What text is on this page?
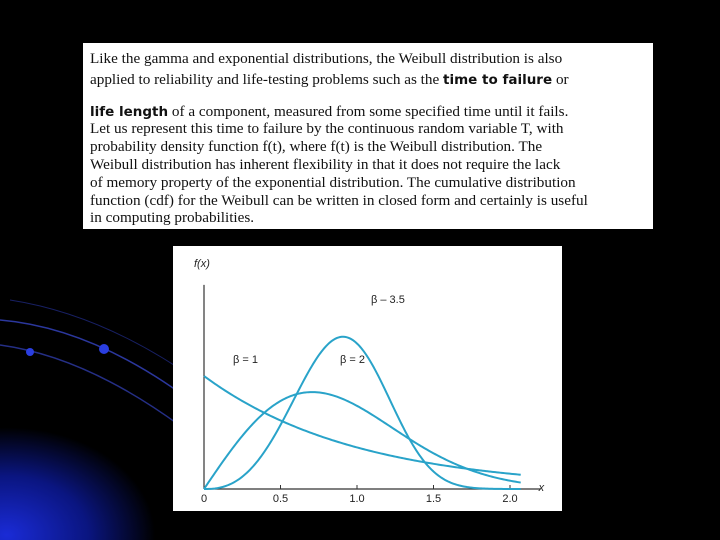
Like the gamma and exponential distributions, the Weibull distribution is also
applied to reliability and life-testing problems such as the time to failure or
life length of a component, measured from some specified time until it fails.
Let us represent this time to failure by the continuous random variable T, with
probability density function f(t), where f(t) is the Weibull distribution. The
Weibull distribution has inherent flexibility in that it does not require the lack
of memory property of the exponential distribution. The cumulative distribution
function (cdf) for the Weibull can be written in closed form and certainly is useful
in computing probabilities.
0	0.5	1.0	1.5	2.0
f(x)
x
β = 1	β = 2
β – 3.5
